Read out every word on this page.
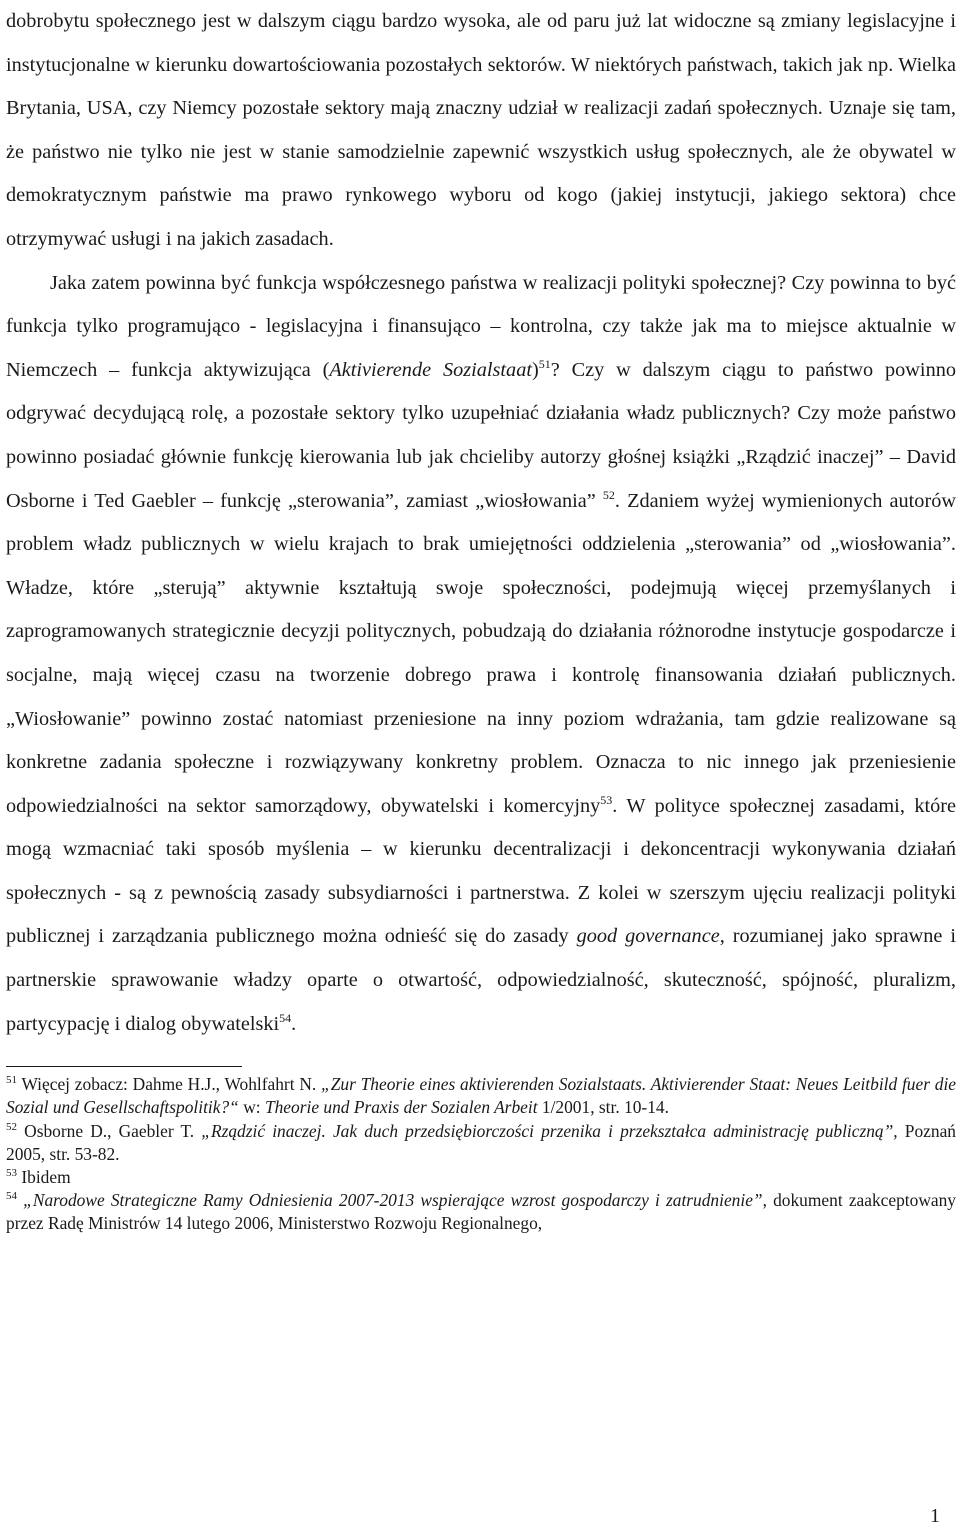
dobrobytu społecznego jest w dalszym ciągu bardzo wysoka, ale od paru już lat widoczne są zmiany legislacyjne i instytucjonalne w kierunku dowartościowania pozostałych sektorów. W niektórych państwach, takich jak np. Wielka Brytania, USA, czy Niemcy pozostałe sektory mają znaczny udział w realizacji zadań społecznych. Uznaje się tam, że państwo nie tylko nie jest w stanie samodzielnie zapewnić wszystkich usług społecznych, ale że obywatel w demokratycznym państwie ma prawo rynkowego wyboru od kogo (jakiej instytucji, jakiego sektora) chce otrzymywać usługi i na jakich zasadach.

Jaka zatem powinna być funkcja współczesnego państwa w realizacji polityki społecznej? Czy powinna to być funkcja tylko programująco - legislacyjna i finansująco – kontrolna, czy także jak ma to miejsce aktualnie w Niemczech – funkcja aktywizująca (Aktivierende Sozialstaat)$^{51}$? Czy w dalszym ciągu to państwo powinno odgrywać decydującą rolę, a pozostałe sektory tylko uzupełniać działania władz publicznych? Czy może państwo powinno posiadać głównie funkcję kierowania lub jak chcieliby autorzy głośnej książki „Rządzić inaczej” – David Osborne i Ted Gaebler – funkcję „sterowania”, zamiast „wiosłowania” $^{52}$. Zdaniem wyżej wymienionych autorów problem władz publicznych w wielu krajach to brak umiejętności oddzielenia „sterowania” od „wiosłowania”. Władze, które „sterują” aktywnie kształtują swoje społeczności, podejmują więcej przemyślanych i zaprogramowanych strategicznie decyzji politycznych, pobudzają do działania różnorodne instytucje gospodarcze i socjalne, mają więcej czasu na tworzenie dobrego prawa i kontrolę finansowania działań publicznych. „Wiosłowanie” powinno zostać natomiast przeniesione na inny poziom wdrażania, tam gdzie realizowane są konkretne zadania społeczne i rozwiązywany konkretny problem. Oznacza to nic innego jak przeniesienie odpowiedzialności na sektor samorządowy, obywatelski i komercyjny$^{53}$. W polityce społecznej zasadami, które mogą wzmacniać taki sposób myślenia – w kierunku decentralizacji i dekoncentracji wykonywania działań społecznych - są z pewnością zasady subsydiarności i partnerstwa. Z kolei w szerszym ujęciu realizacji polityki publicznej i zarządzania publicznego można odnieść się do zasady good governance, rozumianej jako sprawne i partnerskie sprawowanie władzy oparte o otwartość, odpowiedzialność, skuteczność, spójność, pluralizm, partycypację i dialog obywatelski$^{54}$.

$^{51}$ Więcej zobacz: Dahme H.J., Wohlfahrt N. „Zur Theorie eines aktivierenden Sozialstaats. Aktivierender Staat: Neues Leitbild fuer die Sozial und Gesellschaftspolitik?“ w: Theorie und Praxis der Sozialen Arbeit 1/2001, str. 10-14.

$^{52}$ Osborne D., Gaebler T. „Rządzić inaczej. Jak duch przedsiębiorczości przenika i przekształca administrację publiczną”, Poznań 2005, str. 53-82.

$^{53}$ Ibidem

$^{54}$ „Narodowe Strategiczne Ramy Odniesienia 2007-2013 wspierające wzrost gospodarczy i zatrudnienie”, dokument zaakceptowany przez Radę Ministrów 14 lutego 2006, Ministerstwo Rozwoju Regionalnego,

1
